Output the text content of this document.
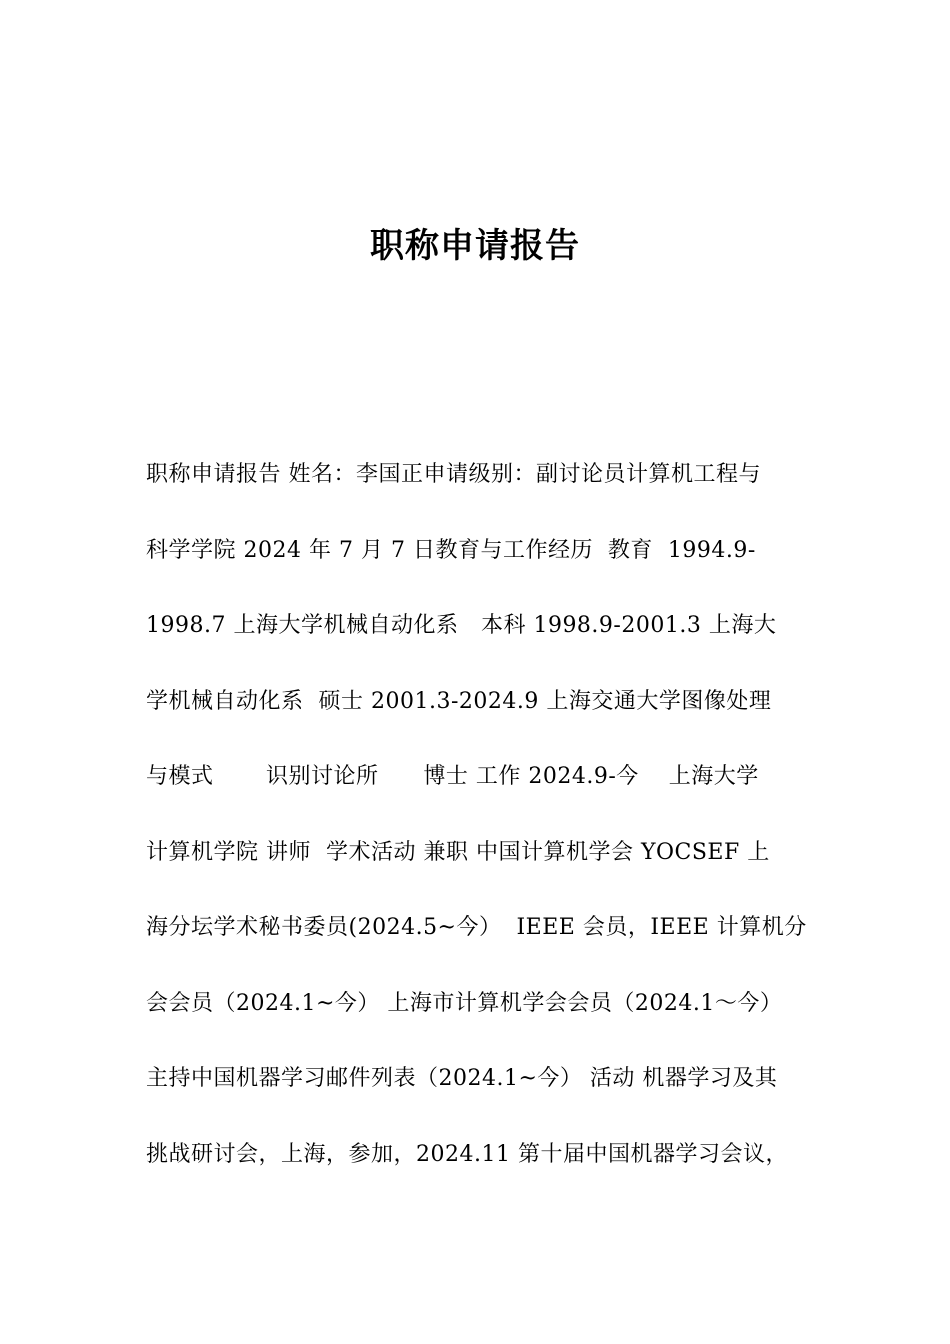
职称申请报告
职称申请报告 姓名：李国正申请级别：副讨论员计算机工程与
科学学院 2024 年 7 月 7 日教育与工作经历  教育  1994.9-
1998.7 上海大学机械自动化系   本科 1998.9-2001.3 上海大
学机械自动化系  硕士 2001.3-2024.9 上海交通大学图像处理
与模式       识别讨论所      博士 工作 2024.9-今    上海大学
计算机学院 讲师  学术活动 兼职 中国计算机学会 YOCSEF 上
海分坛学术秘书委员(2024.5~今）  IEEE 会员，IEEE 计算机分
会会员（2024.1~今） 上海市计算机学会会员（2024.1～今）
主持中国机器学习邮件列表（2024.1~今） 活动 机器学习及其
挑战研讨会，上海，参加，2024.11 第十届中国机器学习会议，
